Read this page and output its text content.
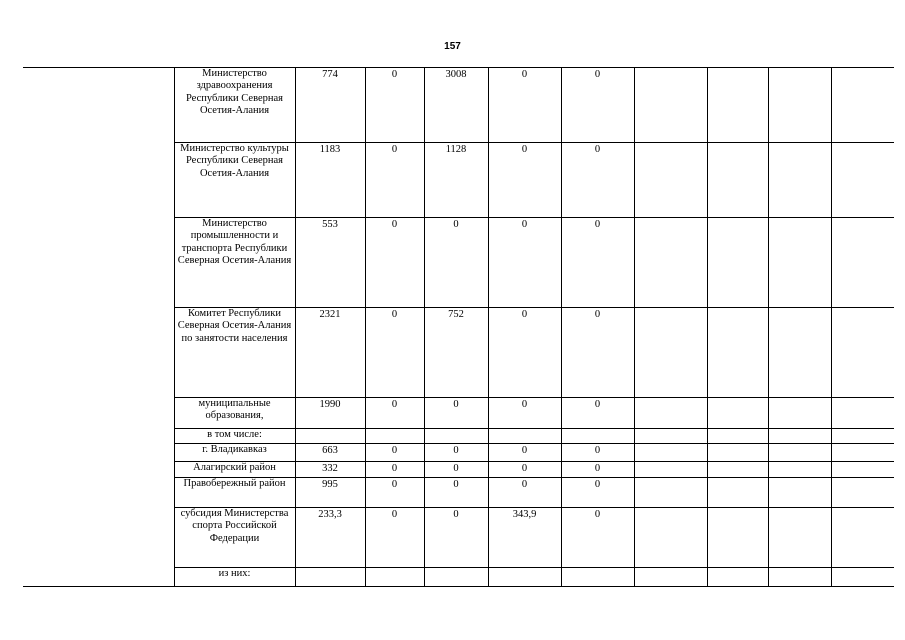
157
	Министерство здравоохранения Республики Северная Осетия-Алания	774	0	3008	0	0				
	Министерство культуры Республики Северная Осетия-Алания	1183	0	1128	0	0				
	Министерство промышленности и транспорта Республики Северная Осетия-Алания	553	0	0	0	0				
	Комитет Республики Северная Осетия-Алания по занятости населения	2321	0	752	0	0				
	муниципальные образования,	1990	0	0	0	0				
	в том числе:									
	г. Владикавказ	663	0	0	0	0				
	Алагирский район	332	0	0	0	0				
	Правобережный район	995	0	0	0	0				
	субсидия Министерства спорта Российской Федерации	233,3	0	0	343,9	0				
	из них:									
